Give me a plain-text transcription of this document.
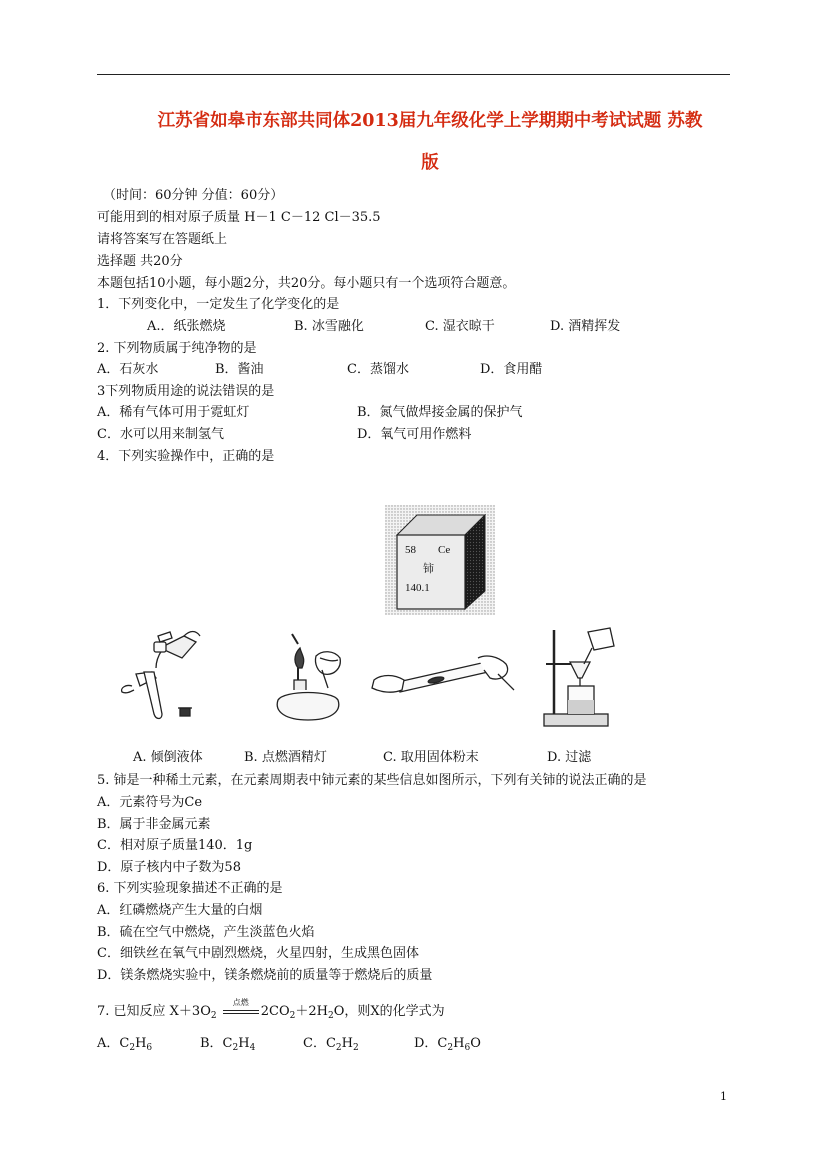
江苏省如皋市东部共同体2013届九年级化学上学期期中考试试题 苏教
版
（时间：60分钟 分值：60分）
可能用到的相对原子质量 H－1 C－12 Cl－35.5
请将答案写在答题纸上
选择题 共20分
本题包括10小题，每小题2分，共20分。每小题只有一个选项符合题意。
1．下列变化中，一定发生了化学变化的是
A.．纸张燃烧	B. 冰雪融化	C. 湿衣晾干	D. 酒精挥发
2. 下列物质属于纯净物的是
A．石灰水	B．酱油	C．蒸馏水	D．食用醋
3下列物质用途的说法错误的是
A．稀有气体可用于霓虹灯	B．氮气做焊接金属的保护气
C．水可以用来制氢气	D．氧气可用作燃料
4．下列实验操作中，正确的是
58 Ce
铈
140.1
A. 倾倒液体	B. 点燃酒精灯	C. 取用固体粉末	D. 过滤
5. 铈是一种稀土元素，在元素周期表中铈元素的某些信息如图所示，下列有关铈的说法正确的是
A．元素符号为Ce
B．属于非金属元素
C．相对原子质量140．1g
D．原子核内中子数为58
6. 下列实验现象描述不正确的是
A．红磷燃烧产生大量的白烟
B．硫在空气中燃烧，产生淡蓝色火焰
C．细铁丝在氧气中剧烈燃烧，火星四射，生成黑色固体
D．镁条燃烧实验中，镁条燃烧前的质量等于燃烧后的质量
7. 已知反应 $X+3O_2$
点燃
$2CO_2+2H_2O$，则X的化学式为
A．$C_2H_6$	B．$C_2H_4$	C．$C_2H_2$	D．$C_2H_6O$
1
